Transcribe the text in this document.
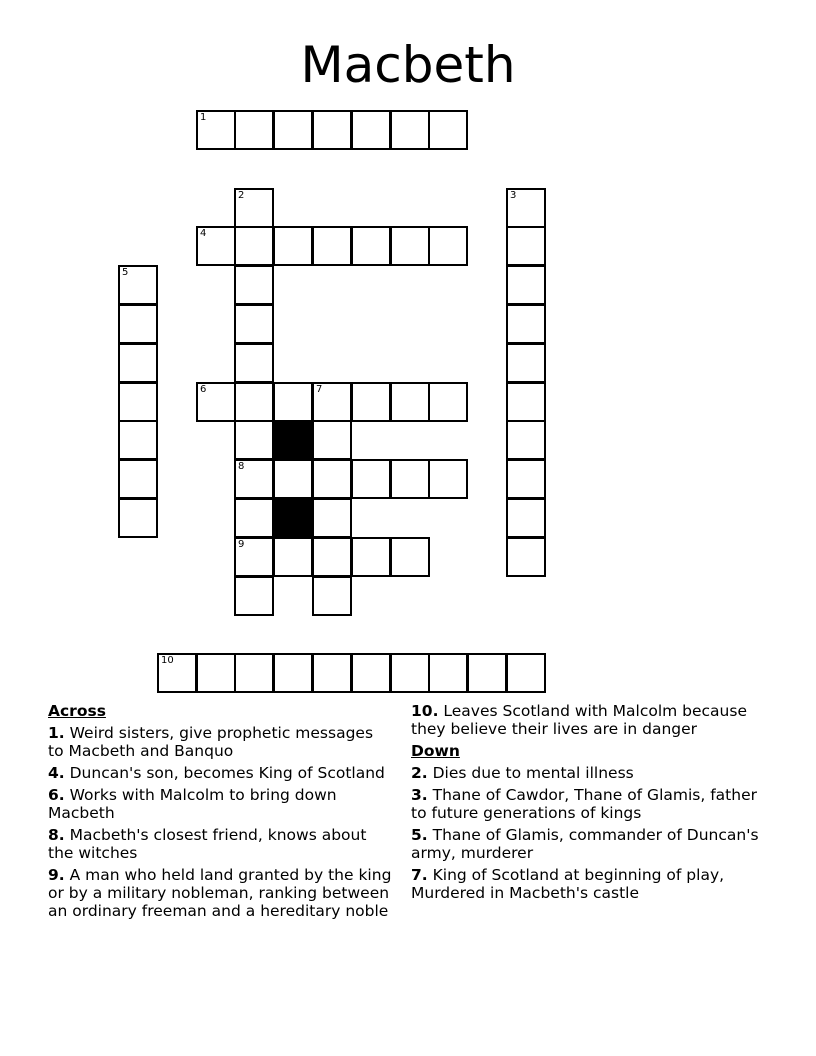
Macbeth
1
2
8
9
3
4
5
6	7
10
Across
1. Weird sisters, give prophetic messages to Macbeth and Banquo
4. Duncan's son, becomes King of Scotland
6. Works with Malcolm to bring down Macbeth
8. Macbeth's closest friend, knows about the witches
9. A man who held land granted by the king or by a military nobleman, ranking between an ordinary freeman and a hereditary noble
10. Leaves Scotland with Malcolm because they believe their lives are in danger
Down
2. Dies due to mental illness
3. Thane of Cawdor, Thane of Glamis, father to future generations of kings
5. Thane of Glamis, commander of Duncan's army, murderer
7. King of Scotland at beginning of play, Murdered in Macbeth's castle
